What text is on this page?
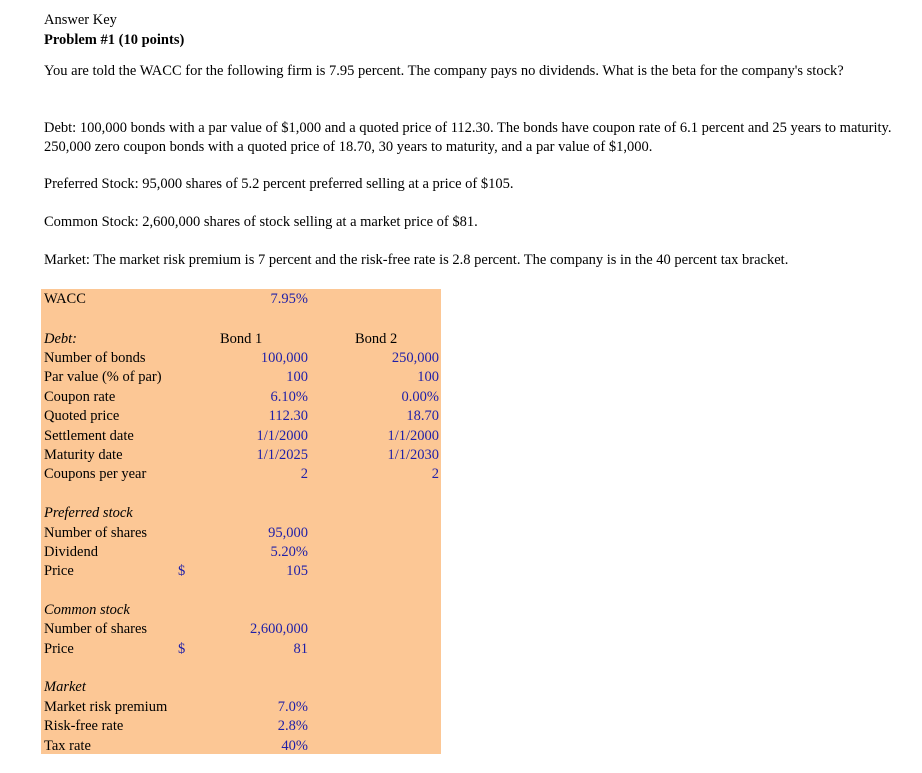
Answer Key
Problem #1 (10 points)
You are told the WACC for the following firm is 7.95 percent. The company pays no dividends. What is the beta for the company's stock?
Debt: 100,000 bonds with a par value of $1,000 and a quoted price of 112.30. The bonds have coupon rate of 6.1 percent and 25 years to maturity. 250,000 zero coupon bonds with a quoted price of 18.70, 30 years to maturity, and a par value of $1,000.
Preferred Stock: 95,000 shares of 5.2 percent preferred selling at a price of $105.
Common Stock: 2,600,000 shares of stock selling at a market price of $81.
Market: The market risk premium is 7 percent and the risk-free rate is 2.8 percent. The company is in the 40 percent tax bracket.
WACC	7.95%
Debt:	Bond 1	Bond 2
Number of bonds	100,000	250,000
Par value (% of par)	100	100
Coupon rate	6.10%	0.00%
Quoted price	112.30	18.70
Settlement date	1/1/2000	1/1/2000
Maturity date	1/1/2025	1/1/2030
Coupons per year	2	2
Preferred stock
Number of shares	95,000
Dividend	5.20%
Price	$	105
Common stock
Number of shares	2,600,000
Price	$	81
Market
Market risk premium	7.0%
Risk-free rate	2.8%
Tax rate	40%
